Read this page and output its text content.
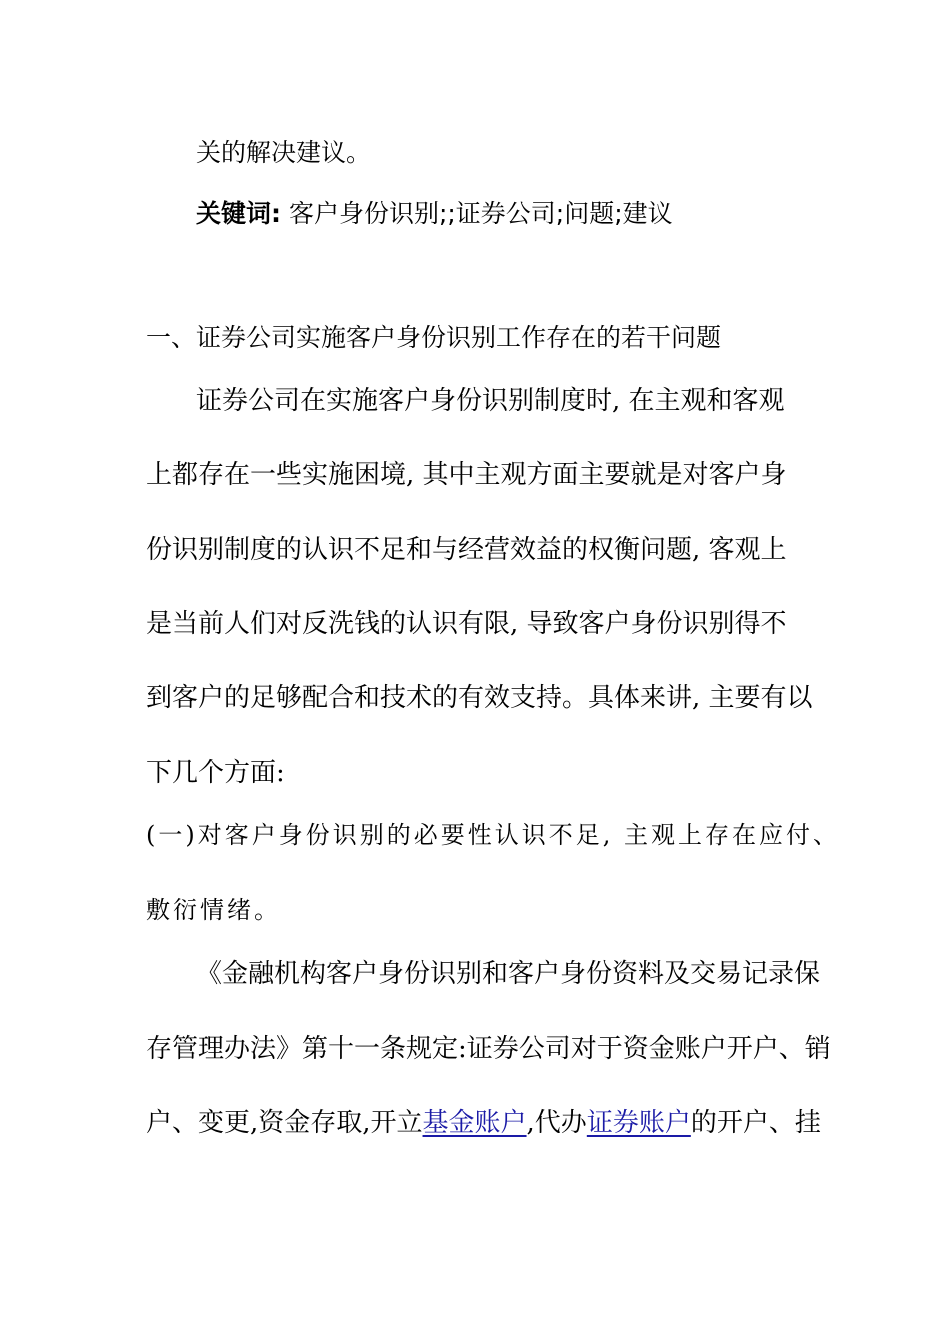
关的解决建议。
关键词: 客户身份识别;;证券公司;问题;建议
一、证券公司实施客户身份识别工作存在的若干问题
证券公司在实施客户身份识别制度时, 在主观和客观
上都存在一些实施困境, 其中主观方面主要就是对客户身
份识别制度的认识不足和与经营效益的权衡问题, 客观上
是当前人们对反洗钱的认识有限, 导致客户身份识别得不
到客户的足够配合和技术的有效支持。具体来讲, 主要有以
下几个方面:
(一)对客户身份识别的必要性认识不足, 主观上存在应付、
敷衍情绪。
《金融机构客户身份识别和客户身份资料及交易记录保
存管理办法》第十一条规定:证券公司对于资金账户开户、销
户、变更,资金存取,开立基金账户,代办证券账户的开户、挂
